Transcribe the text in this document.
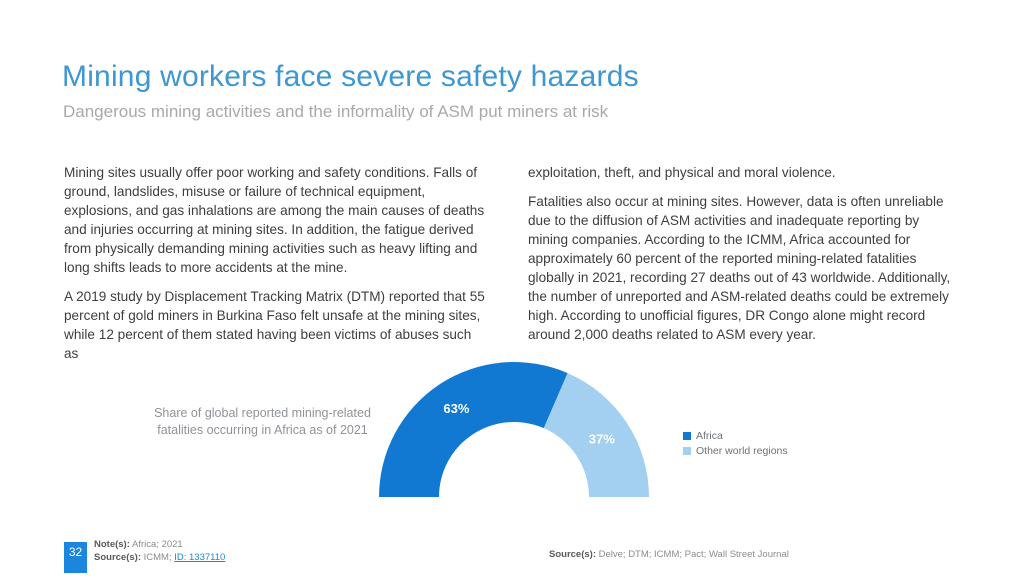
Mining workers face severe safety hazards
Dangerous mining activities and the informality of ASM put miners at risk

Mining sites usually offer poor working and safety conditions. Falls of ground, landslides, misuse or failure of technical equipment, explosions, and gas inhalations are among the main causes of deaths and injuries occurring at mining sites. In addition, the fatigue derived from physically demanding mining activities such as heavy lifting and long shifts leads to more accidents at the mine.

A 2019 study by Displacement Tracking Matrix (DTM) reported that 55 percent of gold miners in Burkina Faso felt unsafe at the mining sites, while 12 percent of them stated having been victims of abuses such as

exploitation, theft, and physical and moral violence.

Fatalities also occur at mining sites. However, data is often unreliable due to the diffusion of ASM activities and inadequate reporting by mining companies. According to the ICMM, Africa accounted for approximately 60 percent of the reported mining-related fatalities globally in 2021, recording 27 deaths out of 43 worldwide. Additionally, the number of unreported and ASM-related deaths could be extremely high. According to unofficial figures, DR Congo alone might record around 2,000 deaths related to ASM every year.

Share of global reported mining-related fatalities occurring in Africa as of 2021
63%
37%	Africa
Other world regions
32
Note(s): Africa; 2021
Source(s): ICMM; ID: 1337110	Source(s): Delve; DTM; ICMM; Pact; Wall Street Journal
